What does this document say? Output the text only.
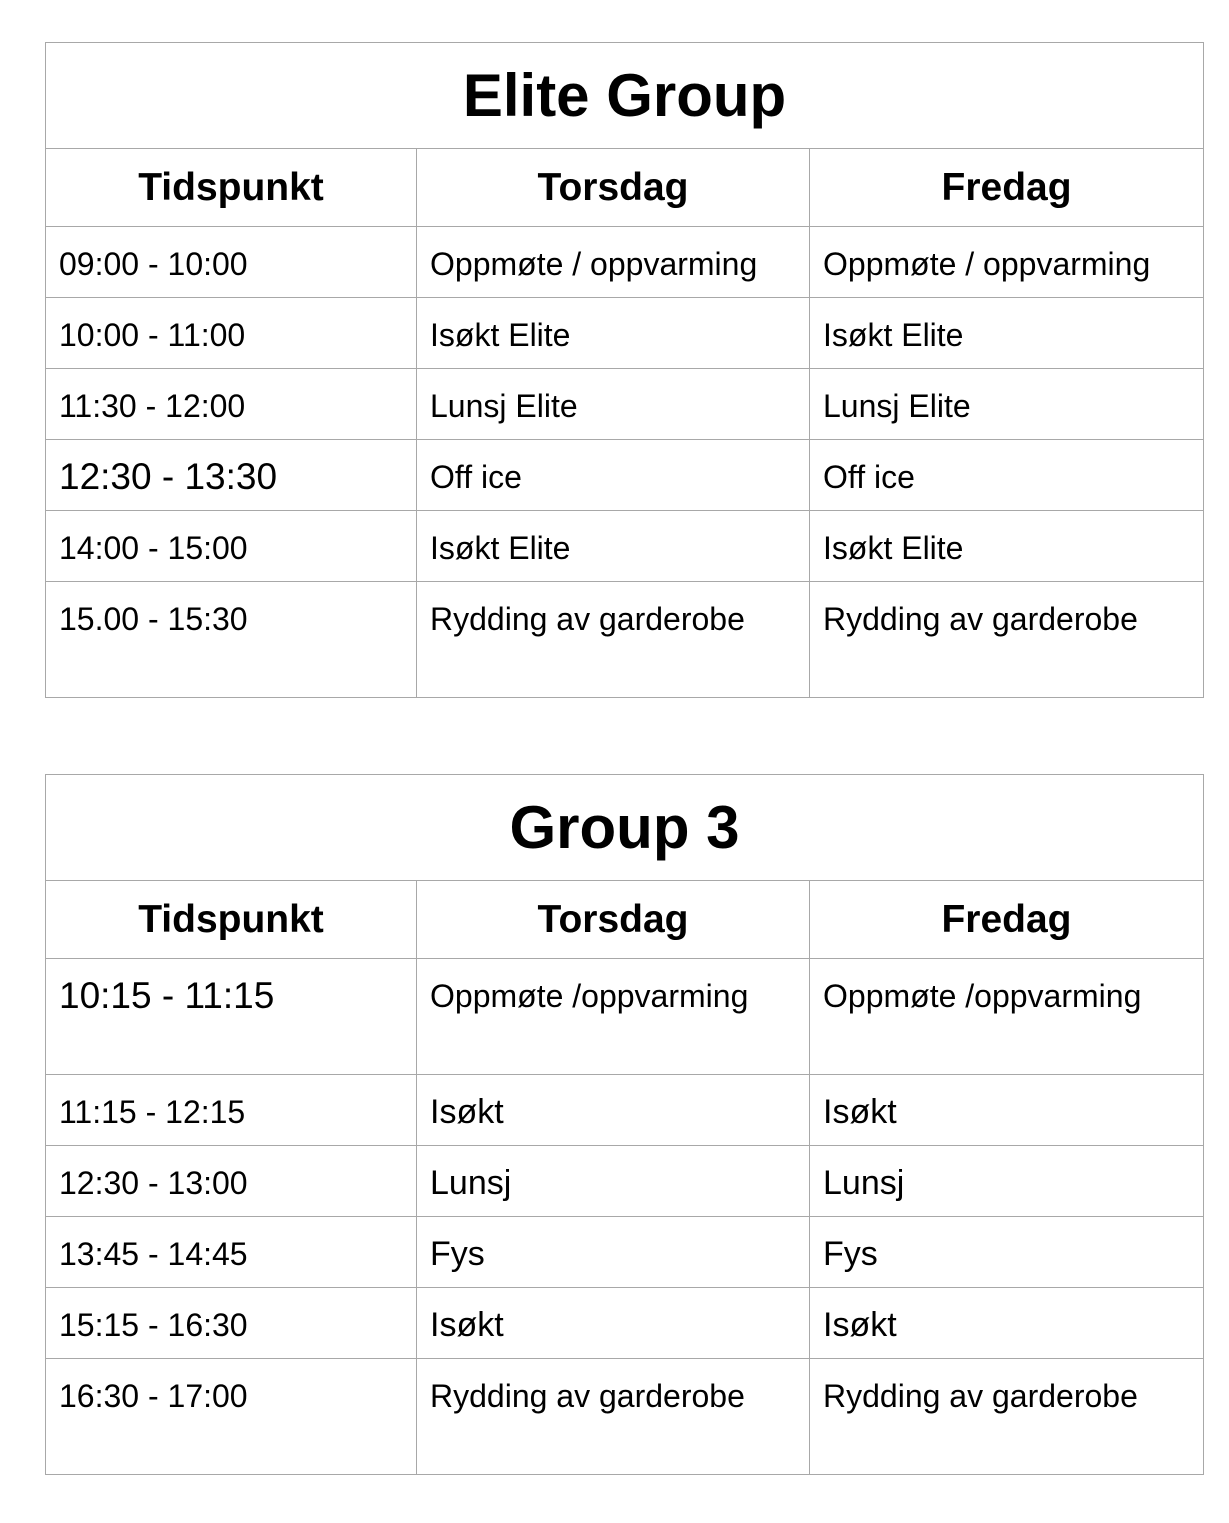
Elite Group		
Tidspunkt	Torsdag	Fredag
09:00 - 10:00	Oppmøte / oppvarming	Oppmøte / oppvarming
10:00 - 11:00	Isøkt Elite	Isøkt Elite
11:30 - 12:00	Lunsj Elite	Lunsj Elite
12:30 - 13:30	Off ice	Off ice
14:00 - 15:00	Isøkt Elite	Isøkt Elite
15.00 - 15:30	Rydding av garderobe	Rydding av garderobe
Group 3		
Tidspunkt	Torsdag	Fredag
10:15 - 11:15	Oppmøte /oppvarming	Oppmøte /oppvarming
11:15 - 12:15	Isøkt	Isøkt
12:30 - 13:00	Lunsj	Lunsj
13:45 - 14:45	Fys	Fys
15:15 - 16:30	Isøkt	Isøkt
16:30 - 17:00	Rydding av garderobe	Rydding av garderobe
